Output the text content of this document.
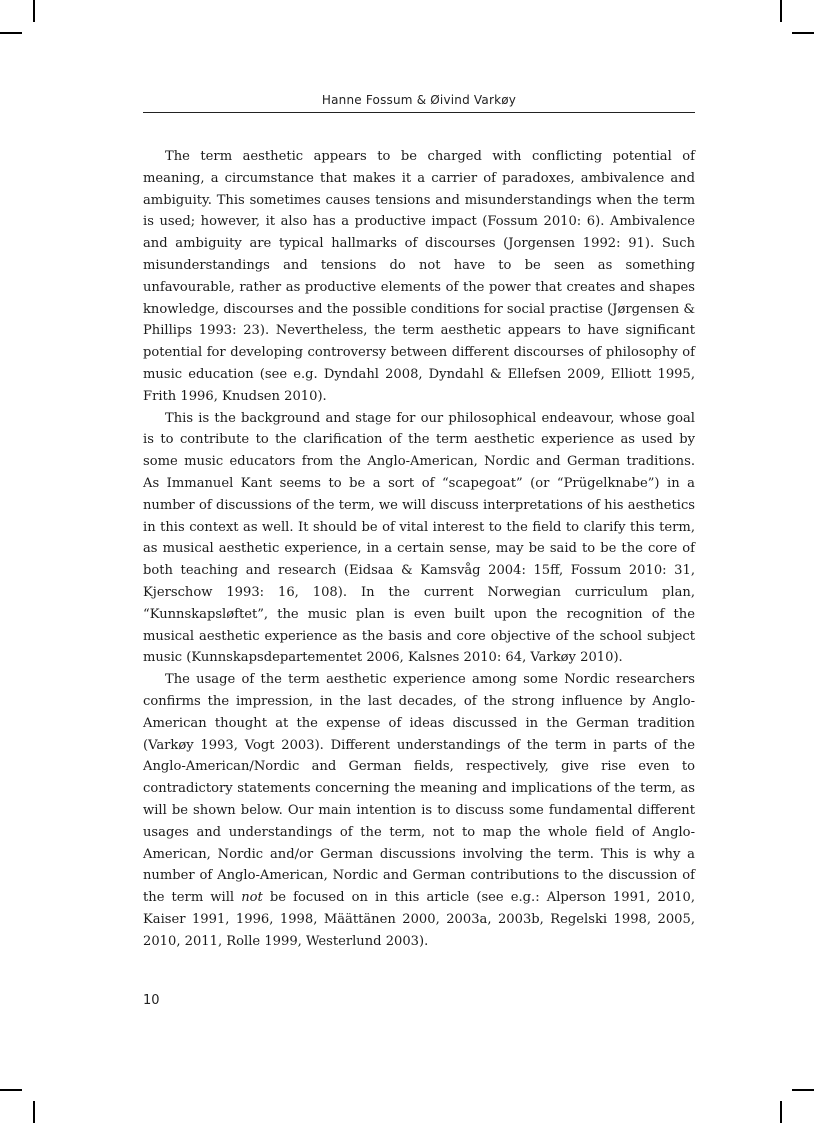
Hanne Fossum & Øivind Varkøy

The term aesthetic appears to be charged with conflicting potential of meaning, a circumstance that makes it a carrier of paradoxes, ambivalence and ambiguity. This sometimes causes tensions and misunderstandings when the term is used; however, it also has a productive impact (Fossum 2010: 6). Ambivalence and ambiguity are typical hallmarks of discourses (Jorgensen 1992: 91). Such misunderstandings and tensions do not have to be seen as something unfavourable, rather as productive elements of the power that creates and shapes knowledge, discourses and the possible conditions for social practise (Jørgensen & Phillips 1993: 23). Nevertheless, the term aesthetic appears to have significant potential for developing controversy between different discourses of philosophy of music education (see e.g. Dyndahl 2008, Dyndahl & Ellefsen 2009, Elliott 1995, Frith 1996, Knudsen 2010).

This is the background and stage for our philosophical endeavour, whose goal is to contribute to the clarification of the term aesthetic experience as used by some music educators from the Anglo-American, Nordic and German traditions. As Immanuel Kant seems to be a sort of “scapegoat” (or “Prügelknabe”) in a number of discussions of the term, we will discuss interpretations of his aesthetics in this context as well. It should be of vital interest to the field to clarify this term, as musical aesthetic experience, in a certain sense, may be said to be the core of both teaching and research (Eidsaa & Kamsvåg 2004: 15ff, Fossum 2010: 31, Kjerschow 1993: 16, 108). In the current Norwegian curriculum plan, “Kunnskapsløftet”, the music plan is even built upon the recognition of the musical aesthetic experience as the basis and core objective of the school subject music (Kunnskapsdepartementet 2006, Kalsnes 2010: 64, Varkøy 2010).

The usage of the term aesthetic experience among some Nordic researchers confirms the impression, in the last decades, of the strong influence by Anglo-American thought at the expense of ideas discussed in the German tradition (Varkøy 1993, Vogt 2003). Different understandings of the term in parts of the Anglo-American/Nordic and German fields, respectively, give rise even to contradictory statements concerning the meaning and implications of the term, as will be shown below. Our main intention is to discuss some fundamental different usages and understandings of the term, not to map the whole field of Anglo-American, Nordic and/or German discussions involving the term. This is why a number of Anglo-American, Nordic and German contributions to the discussion of the term will not be focused on in this article (see e.g.: Alperson 1991, 2010, Kaiser 1991, 1996, 1998, Määttänen 2000, 2003a, 2003b, Regelski 1998, 2005, 2010, 2011, Rolle 1999, Westerlund 2003).

10
